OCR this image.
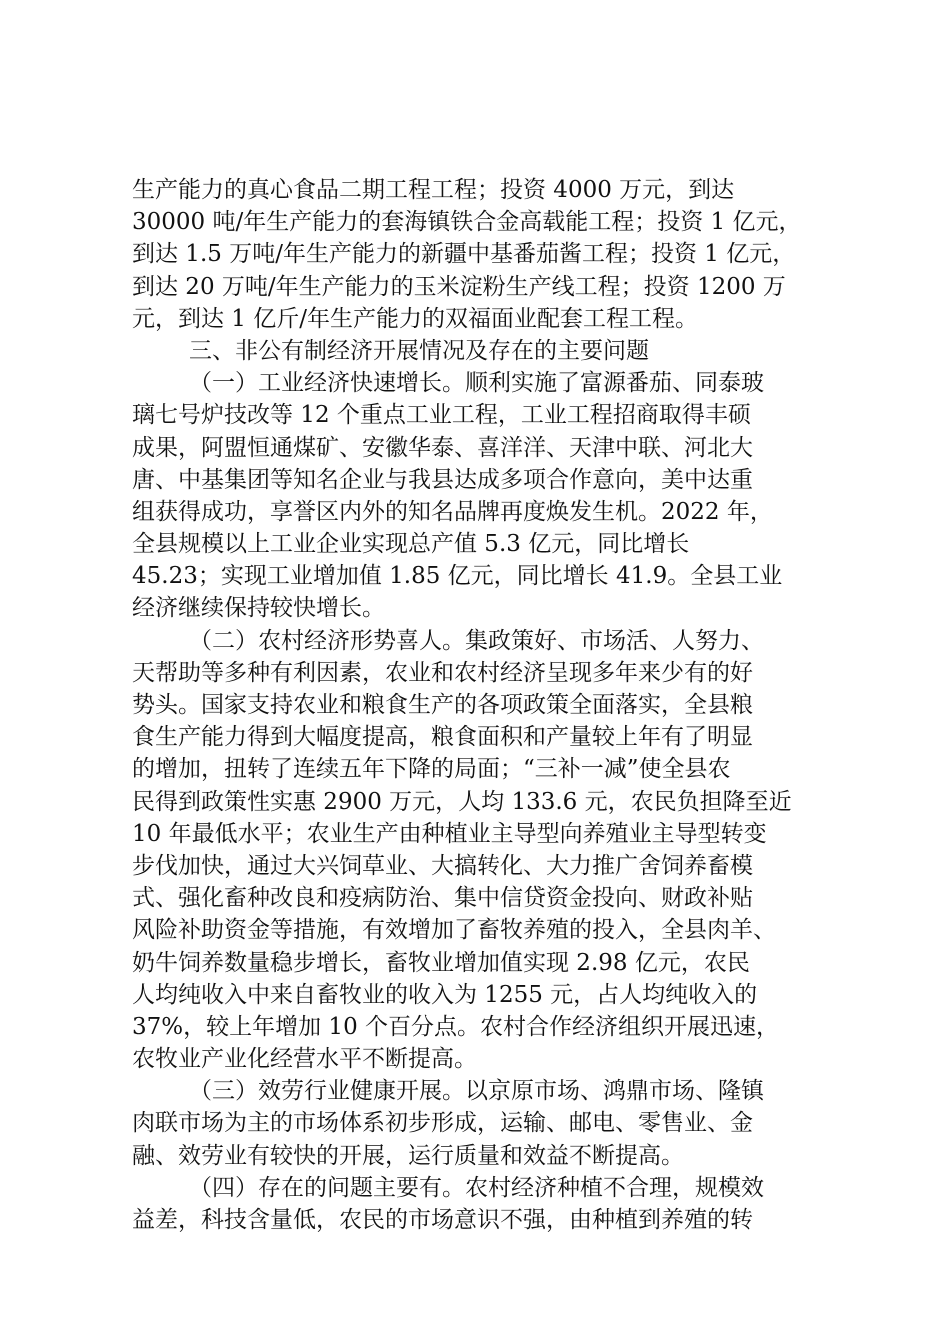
生产能力的真心食品二期工程工程；投资 4000 万元，到达
30000 吨/年生产能力的套海镇铁合金高载能工程；投资 1 亿元，
到达 1.5 万吨/年生产能力的新疆中基番茄酱工程；投资 1 亿元，
到达 20 万吨/年生产能力的玉米淀粉生产线工程；投资 1200 万
元，到达 1 亿斤/年生产能力的双福面业配套工程工程。
三、非公有制经济开展情况及存在的主要问题
（一）工业经济快速增长。顺利实施了富源番茄、同泰玻
璃七号炉技改等 12 个重点工业工程，工业工程招商取得丰硕
成果，阿盟恒通煤矿、安徽华泰、喜洋洋、天津中联、河北大
唐、中基集团等知名企业与我县达成多项合作意向，美中达重
组获得成功，享誉区内外的知名品牌再度焕发生机。2022 年，
全县规模以上工业企业实现总产值 5.3 亿元，同比增长
45.23；实现工业增加值 1.85 亿元，同比增长 41.9。全县工业
经济继续保持较快增长。
（二）农村经济形势喜人。集政策好、市场活、人努力、
天帮助等多种有利因素，农业和农村经济呈现多年来少有的好
势头。国家支持农业和粮食生产的各项政策全面落实，全县粮
食生产能力得到大幅度提高，粮食面积和产量较上年有了明显
的增加，扭转了连续五年下降的局面；“三补一减”使全县农
民得到政策性实惠 2900 万元，人均 133.6 元，农民负担降至近
10 年最低水平；农业生产由种植业主导型向养殖业主导型转变
步伐加快，通过大兴饲草业、大搞转化、大力推广舍饲养畜模
式、强化畜种改良和疫病防治、集中信贷资金投向、财政补贴
风险补助资金等措施，有效增加了畜牧养殖的投入，全县肉羊、
奶牛饲养数量稳步增长，畜牧业增加值实现 2.98 亿元，农民
人均纯收入中来自畜牧业的收入为 1255 元，占人均纯收入的
37%，较上年增加 10 个百分点。农村合作经济组织开展迅速，
农牧业产业化经营水平不断提高。
（三）效劳行业健康开展。以京原市场、鸿鼎市场、隆镇
肉联市场为主的市场体系初步形成，运输、邮电、零售业、金
融、效劳业有较快的开展，运行质量和效益不断提高。
（四）存在的问题主要有。农村经济种植不合理，规模效
益差，科技含量低，农民的市场意识不强，由种植到养殖的转
